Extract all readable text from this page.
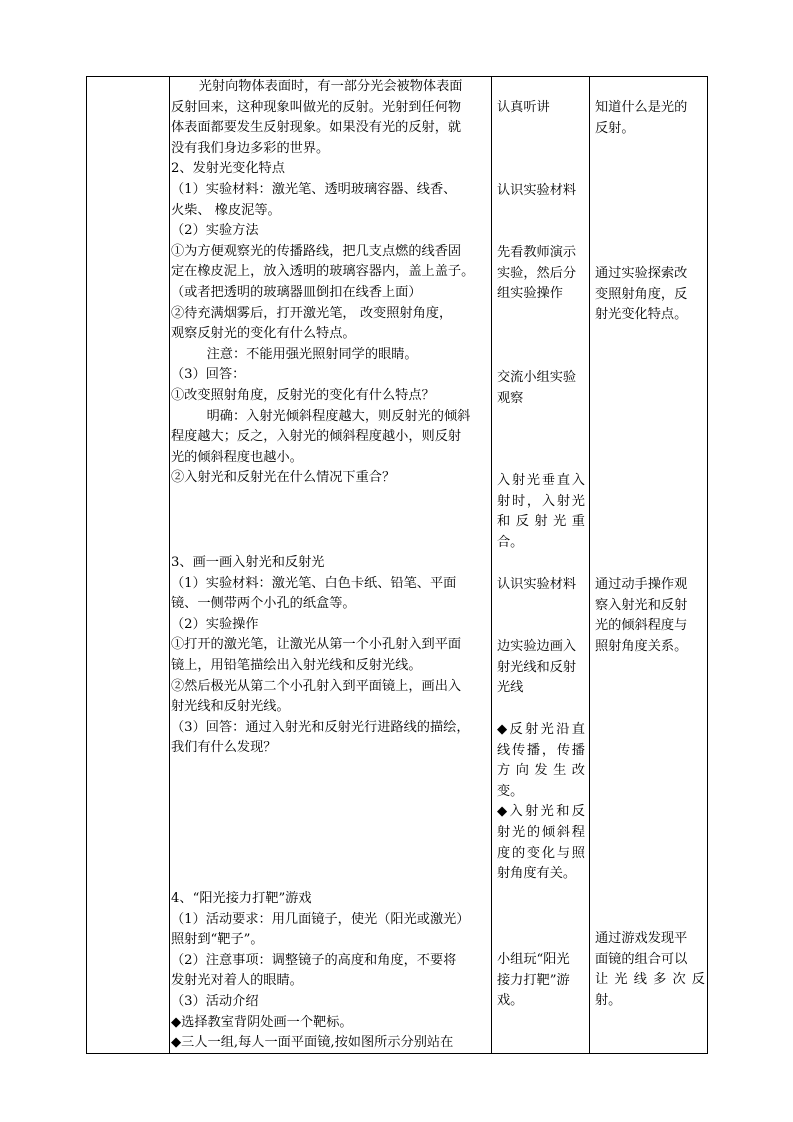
光射向物体表面时，有一部分光会被物体表面

反射回来，这种现象叫做光的反射。光射到任何物

体表面都要发生反射现象。如果没有光的反射，就

没有我们身边多彩的世界。

2、发射光变化特点

（1）实验材料：激光笔、透明玻璃容器、线香、

火柴、 橡皮泥等。

（2）实验方法

①为方便观察光的传播路线，把几支点燃的线香固

定在橡皮泥上，放入透明的玻璃容器内，盖上盖子。

（或者把透明的玻璃器皿倒扣在线香上面）

②待充满烟雾后，打开激光笔， 改变照射角度，

观察反射光的变化有什么特点。

注意：不能用强光照射同学的眼睛。

（3）回答：

①改变照射角度，反射光的变化有什么特点？

明确：入射光倾斜程度越大，则反射光的倾斜

程度越大；反之，入射光的倾斜程度越小，则反射

光的倾斜程度也越小。

②入射光和反射光在什么情况下重合？

3、画一画入射光和反射光

（1）实验材料：激光笔、白色卡纸、铅笔、平面

镜、一侧带两个小孔的纸盒等。

（2）实验操作

①打开的激光笔，让激光从第一个小孔射入到平面

镜上，用铅笔描绘出入射光线和反射光线。

②然后极光从第二个小孔射入到平面镜上，画出入

射光线和反射光线。

（3）回答：通过入射光和反射光行进路线的描绘，

我们有什么发现？

4、“阳光接力打靶”游戏

（1）活动要求：用几面镜子，使光（阳光或激光）

照射到“靶子”。

（2）注意事项：调整镜子的高度和角度，不要将

发射光对着人的眼睛。

（3）活动介绍

◆选择教室背阴处画一个靶标。

◆三人一组,每人一面平面镜,按如图所示分别站在

认真听讲

认识实验材料

先看教师演示

实验，然后分

组实验操作

交流小组实验

观察

入射光垂直入

射时，入射光

和 反 射 光 重

合。

认识实验材料

边实验边画入

射光线和反射

光线

◆反射光沿直

线传播，传播

方 向 发 生 改

变。

◆入射光和反

射光的倾斜程

度的变化与照

射角度有关。

小组玩“阳光

接力打靶”游

戏。

知道什么是光的

反射。

通过实验探索改

变照射角度，反

射光变化特点。

通过动手操作观

察入射光和反射

光的倾斜程度与

照射角度关系。

通过游戏发现平

面镜的组合可以

让 光 线 多 次 反

射。
